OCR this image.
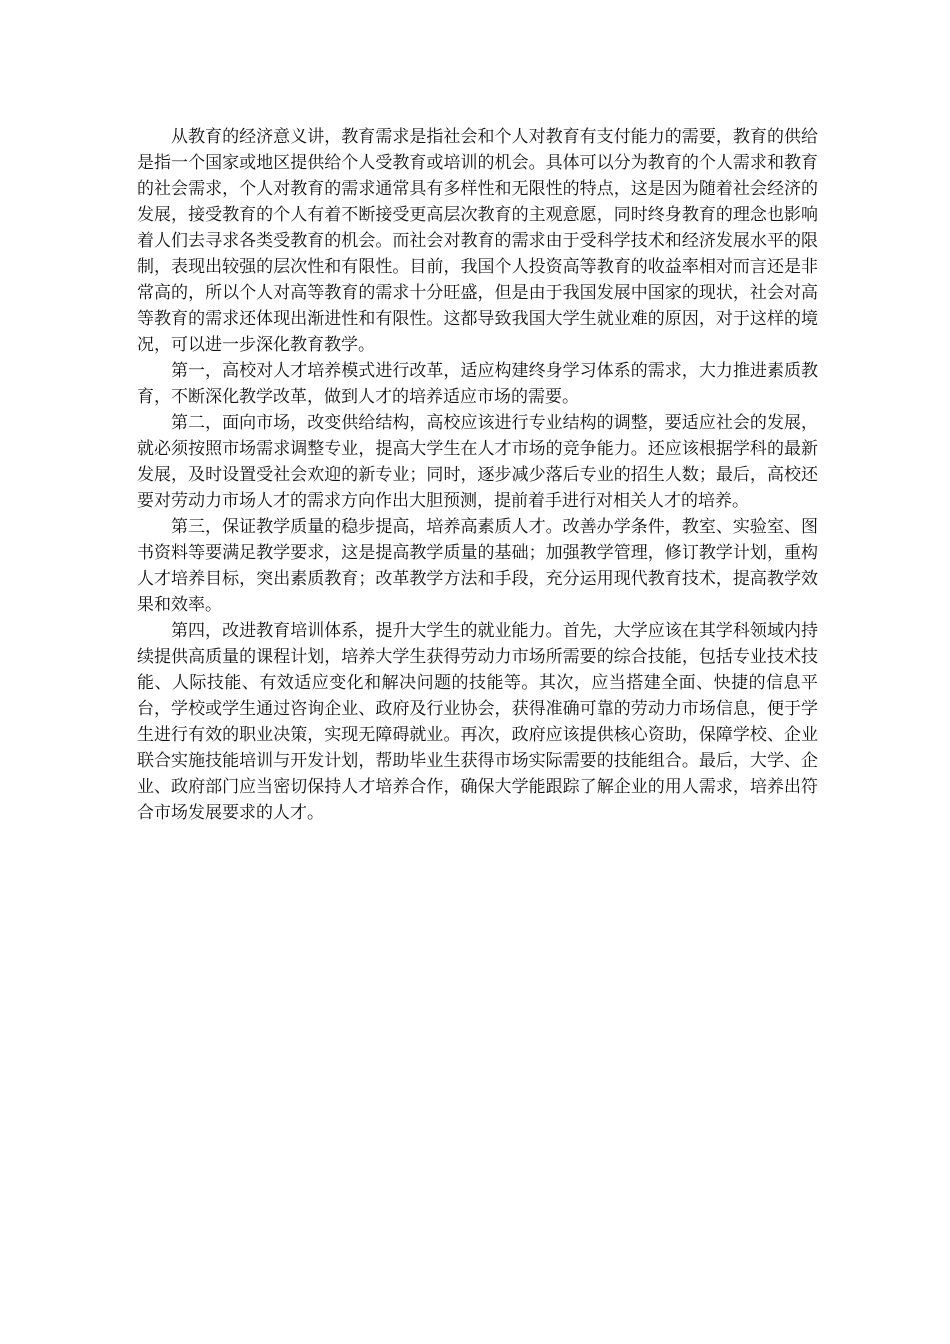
从教育的经济意义讲，教育需求是指社会和个人对教育有支付能力的需要，教育的供给是指一个国家或地区提供给个人受教育或培训的机会。具体可以分为教育的个人需求和教育的社会需求，个人对教育的需求通常具有多样性和无限性的特点，这是因为随着社会经济的发展，接受教育的个人有着不断接受更高层次教育的主观意愿，同时终身教育的理念也影响着人们去寻求各类受教育的机会。而社会对教育的需求由于受科学技术和经济发展水平的限制，表现出较强的层次性和有限性。目前，我国个人投资高等教育的收益率相对而言还是非常高的，所以个人对高等教育的需求十分旺盛，但是由于我国发展中国家的现状，社会对高等教育的需求还体现出渐进性和有限性。这都导致我国大学生就业难的原因，对于这样的境况，可以进一步深化教育教学。

第一，高校对人才培养模式进行改革，适应构建终身学习体系的需求，大力推进素质教育，不断深化教学改革，做到人才的培养适应市场的需要。

第二，面向市场，改变供给结构，高校应该进行专业结构的调整，要适应社会的发展，就必须按照市场需求调整专业，提高大学生在人才市场的竞争能力。还应该根据学科的最新发展，及时设置受社会欢迎的新专业；同时，逐步减少落后专业的招生人数；最后，高校还要对劳动力市场人才的需求方向作出大胆预测，提前着手进行对相关人才的培养。

第三，保证教学质量的稳步提高，培养高素质人才。改善办学条件，教室、实验室、图书资料等要满足教学要求，这是提高教学质量的基础；加强教学管理，修订教学计划，重构人才培养目标，突出素质教育；改革教学方法和手段，充分运用现代教育技术，提高教学效果和效率。

第四，改进教育培训体系，提升大学生的就业能力。首先，大学应该在其学科领域内持续提供高质量的课程计划，培养大学生获得劳动力市场所需要的综合技能，包括专业技术技能、人际技能、有效适应变化和解决问题的技能等。其次，应当搭建全面、快捷的信息平台，学校或学生通过咨询企业、政府及行业协会，获得准确可靠的劳动力市场信息，便于学生进行有效的职业决策，实现无障碍就业。再次，政府应该提供核心资助，保障学校、企业联合实施技能培训与开发计划，帮助毕业生获得市场实际需要的技能组合。最后，大学、企业、政府部门应当密切保持人才培养合作，确保大学能跟踪了解企业的用人需求，培养出符合市场发展要求的人才。
